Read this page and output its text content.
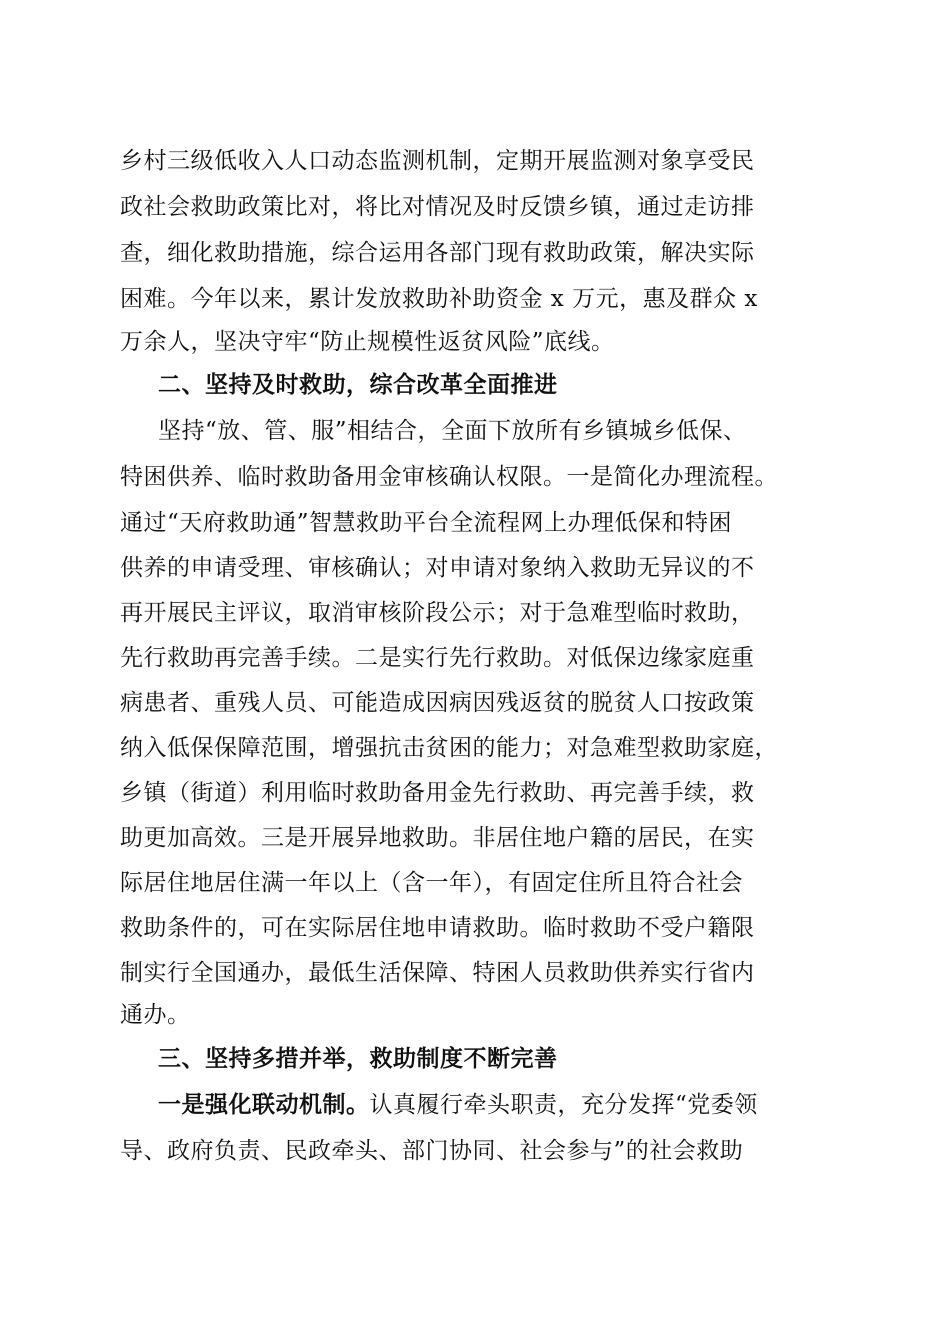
乡村三级低收入人口动态监测机制，定期开展监测对象享受民
政社会救助政策比对，将比对情况及时反馈乡镇，通过走访排
查，细化救助措施，综合运用各部门现有救助政策，解决实际
困难。今年以来，累计发放救助补助资金 x 万元，惠及群众 x
万余人，坚决守牢“防止规模性返贫风险”底线。
二、坚持及时救助，综合改革全面推进
坚持“放、管、服”相结合，全面下放所有乡镇城乡低保、
特困供养、临时救助备用金审核确认权限。一是简化办理流程。
通过“天府救助通”智慧救助平台全流程网上办理低保和特困
供养的申请受理、审核确认；对申请对象纳入救助无异议的不
再开展民主评议，取消审核阶段公示；对于急难型临时救助，
先行救助再完善手续。二是实行先行救助。对低保边缘家庭重
病患者、重残人员、可能造成因病因残返贫的脱贫人口按政策
纳入低保保障范围，增强抗击贫困的能力；对急难型救助家庭，
乡镇（街道）利用临时救助备用金先行救助、再完善手续，救
助更加高效。三是开展异地救助。非居住地户籍的居民，在实
际居住地居住满一年以上（含一年），有固定住所且符合社会
救助条件的，可在实际居住地申请救助。临时救助不受户籍限
制实行全国通办，最低生活保障、特困人员救助供养实行省内
通办。
三、坚持多措并举，救助制度不断完善
一是强化联动机制。认真履行牵头职责，充分发挥“党委领
导、政府负责、民政牵头、部门协同、社会参与”的社会救助
